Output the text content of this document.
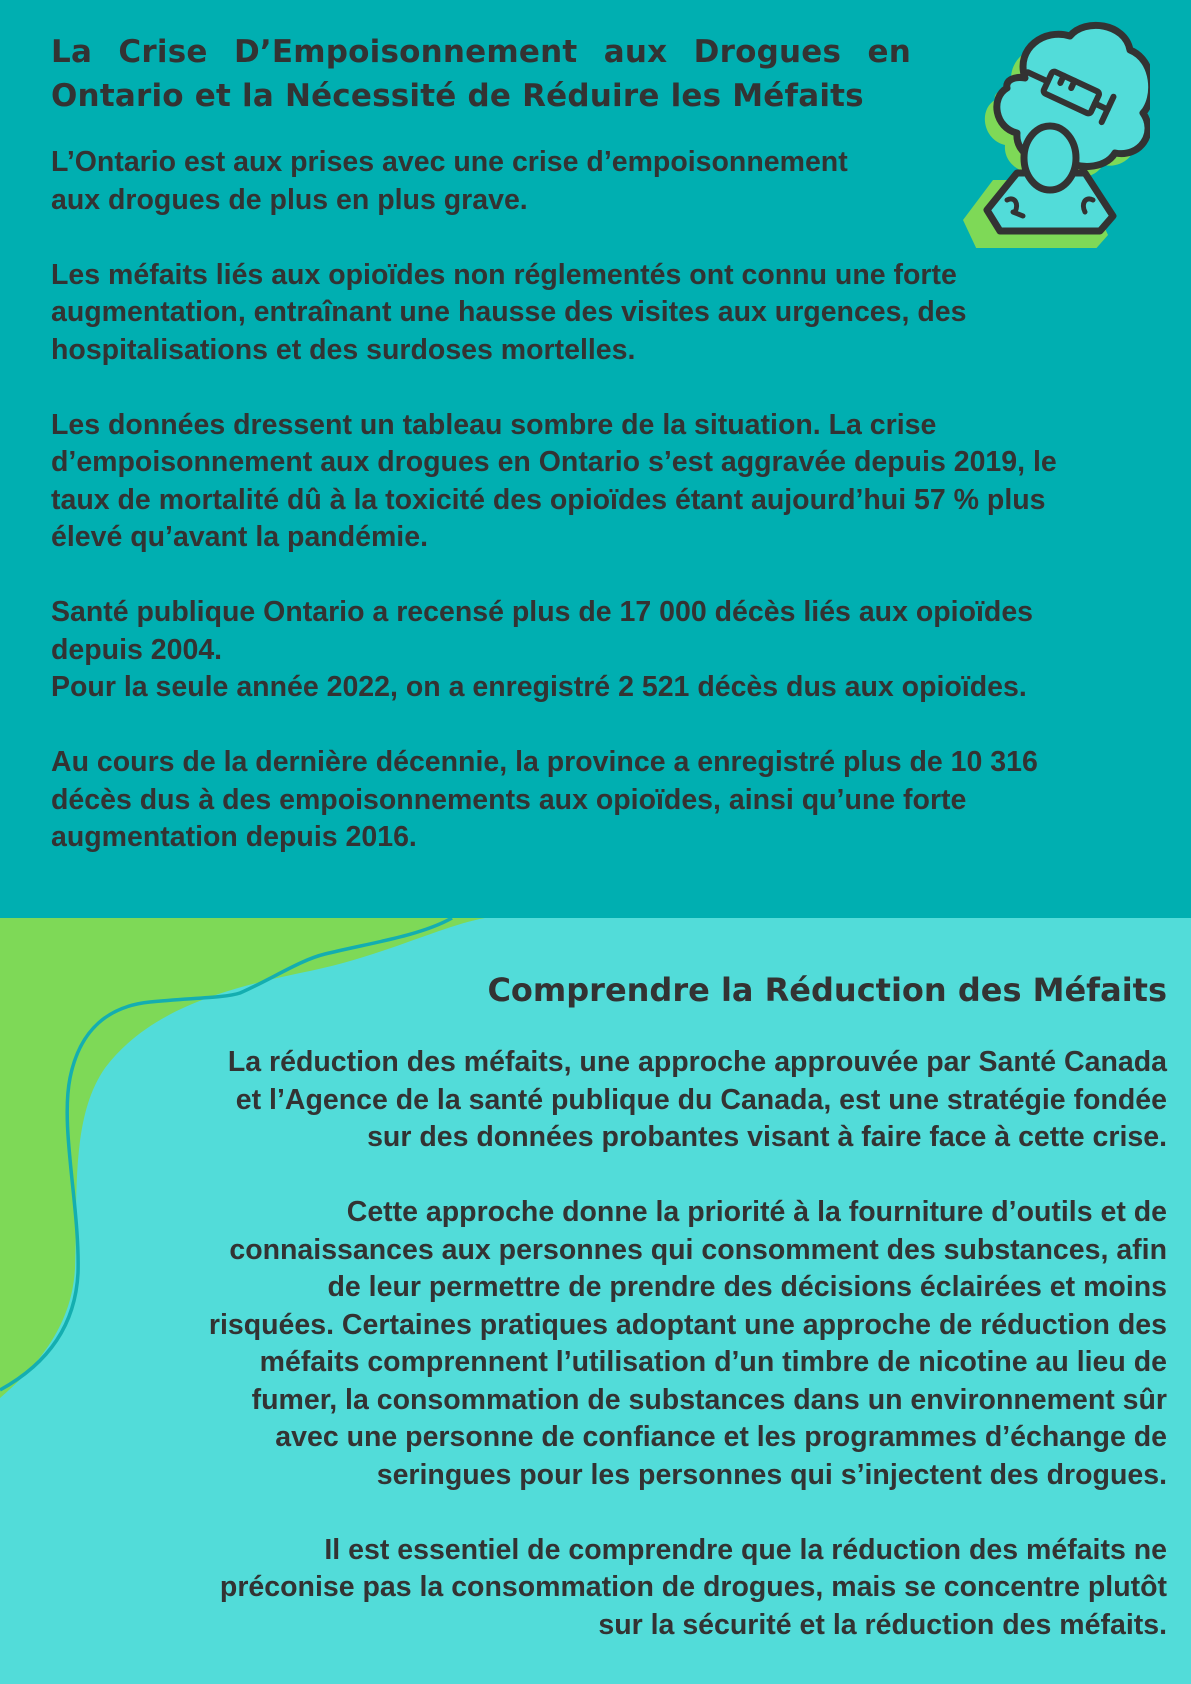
La Crise D’Empoisonnement aux Drogues en Ontario et la Nécessité de Réduire les Méfaits

L’Ontario est aux prises avec une crise d’empoisonnement
aux drogues de plus en plus grave.

Les méfaits liés aux opioïdes non réglementés ont connu une forte
augmentation, entraînant une hausse des visites aux urgences, des
hospitalisations et des surdoses mortelles.

Les données dressent un tableau sombre de la situation. La crise
d’empoisonnement aux drogues en Ontario s’est aggravée depuis 2019, le
taux de mortalité dû à la toxicité des opioïdes étant aujourd’hui 57 % plus
élevé qu’avant la pandémie.

Santé publique Ontario a recensé plus de 17 000 décès liés aux opioïdes
depuis 2004.
Pour la seule année 2022, on a enregistré 2 521 décès dus aux opioïdes.

Au cours de la dernière décennie, la province a enregistré plus de 10 316
décès dus à des empoisonnements aux opioïdes, ainsi qu’une forte
augmentation depuis 2016.

Comprendre la Réduction des Méfaits

La réduction des méfaits, une approche approuvée par Santé Canada
et l’Agence de la santé publique du Canada, est une stratégie fondée
sur des données probantes visant à faire face à cette crise.

Cette approche donne la priorité à la fourniture d’outils et de
connaissances aux personnes qui consomment des substances, afin
de leur permettre de prendre des décisions éclairées et moins
risquées. Certaines pratiques adoptant une approche de réduction des
méfaits comprennent l’utilisation d’un timbre de nicotine au lieu de
fumer, la consommation de substances dans un environnement sûr
avec une personne de confiance et les programmes d’échange de
seringues pour les personnes qui s’injectent des drogues.

Il est essentiel de comprendre que la réduction des méfaits ne
préconise pas la consommation de drogues, mais se concentre plutôt
sur la sécurité et la réduction des méfaits.
